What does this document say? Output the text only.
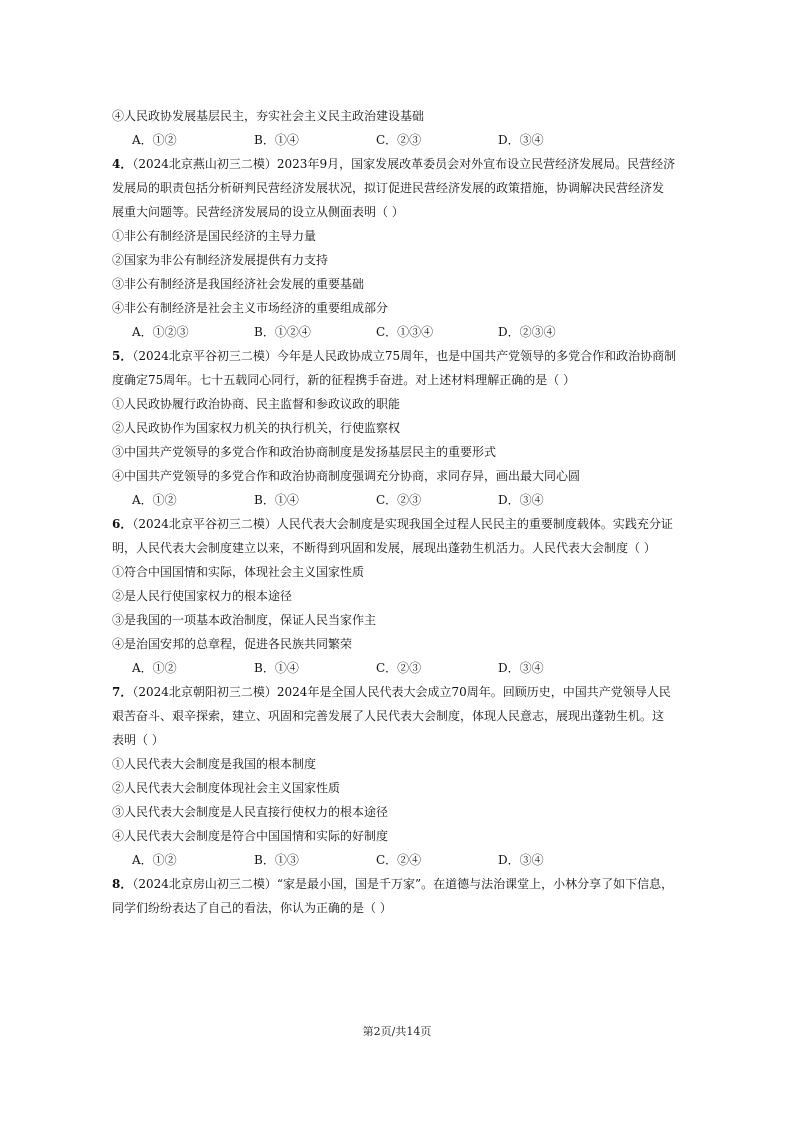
④人民政协发展基层民主，夯实社会主义民主政治建设基础
A．①②	B．①④	C．②③	D．③④
4．（2024北京燕山初三二模）2023年9月，国家发展改革委员会对外宣布设立民营经济发展局。民营经济
发展局的职责包括分析研判民营经济发展状况，拟订促进民营经济发展的政策措施，协调解决民营经济发
展重大问题等。民营经济发展局的设立从侧面表明（ ）
①非公有制经济是国民经济的主导力量
②国家为非公有制经济发展提供有力支持
③非公有制经济是我国经济社会发展的重要基础
④非公有制经济是社会主义市场经济的重要组成部分
A．①②③	B．①②④	C．①③④	D．②③④
5．（2024北京平谷初三二模）今年是人民政协成立75周年，也是中国共产党领导的多党合作和政治协商制
度确定75周年。七十五载同心同行，新的征程携手奋进。对上述材料理解正确的是（ ）
①人民政协履行政治协商、民主监督和参政议政的职能
②人民政协作为国家权力机关的执行机关，行使监察权
③中国共产党领导的多党合作和政治协商制度是发扬基层民主的重要形式
④中国共产党领导的多党合作和政治协商制度强调充分协商，求同存异，画出最大同心圆
A．①②	B．①④	C．②③	D．③④
6．（2024北京平谷初三二模）人民代表大会制度是实现我国全过程人民民主的重要制度载体。实践充分证
明，人民代表大会制度建立以来，不断得到巩固和发展，展现出蓬勃生机活力。人民代表大会制度（ ）
①符合中国国情和实际，体现社会主义国家性质
②是人民行使国家权力的根本途径
③是我国的一项基本政治制度，保证人民当家作主
④是治国安邦的总章程，促进各民族共同繁荣
A．①②	B．①④	C．②③	D．③④
7．（2024北京朝阳初三二模）2024年是全国人民代表大会成立70周年。回顾历史，中国共产党领导人民
艰苦奋斗、艰辛探索，建立、巩固和完善发展了人民代表大会制度，体现人民意志，展现出蓬勃生机。这
表明（ ）
①人民代表大会制度是我国的根本制度
②人民代表大会制度体现社会主义国家性质
③人民代表大会制度是人民直接行使权力的根本途径
④人民代表大会制度是符合中国国情和实际的好制度
A．①②	B．①③	C．②④	D．③④
8．（2024北京房山初三二模）“家是最小国，国是千万家”。在道德与法治课堂上，小林分享了如下信息，
同学们纷纷表达了自己的看法，你认为正确的是（ ）
第2页/共14页
